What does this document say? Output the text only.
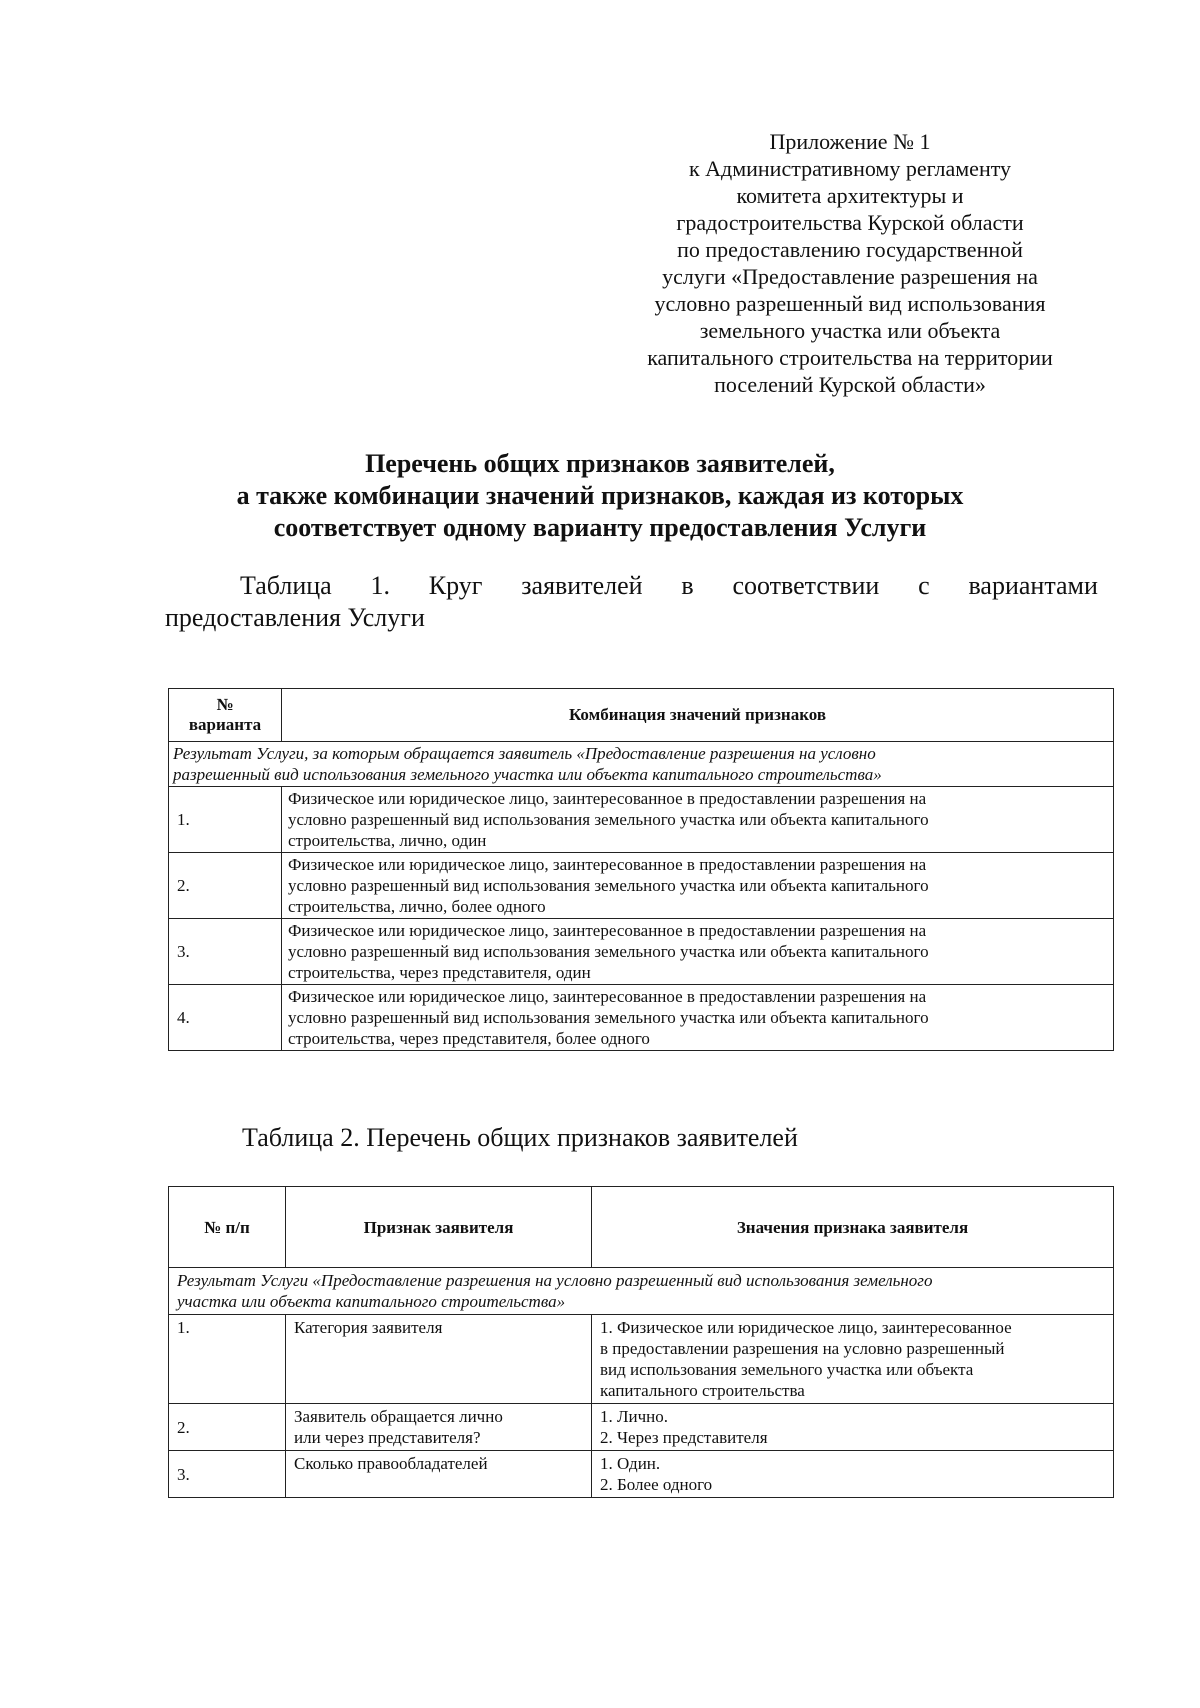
Приложение № 1
к Административному регламенту
комитета архитектуры и
градостроительства Курской области
по предоставлению государственной
услуги «Предоставление разрешения на
условно разрешенный вид использования
земельного участка или объекта
капитального строительства на территории
поселений Курской области»
Перечень общих признаков заявителей,
а также комбинации значений признаков, каждая из которых
соответствует одному варианту предоставления Услуги
Таблица 1. Круг заявителей в соответствии с вариантами
предоставления Услуги
№
варианта	Комбинация значений признаков

Результат Услуги, за которым обращается заявитель «Предоставление разрешения на условно
разрешенный вид использования земельного участка или объекта капитального строительства»	

1.	Физическое или юридическое лицо, заинтересованное в предоставлении разрешения на
условно разрешенный вид использования земельного участка или объекта капитального
строительства, лично, один

2.	Физическое или юридическое лицо, заинтересованное в предоставлении разрешения на
условно разрешенный вид использования земельного участка или объекта капитального
строительства, лично, более одного

3.	Физическое или юридическое лицо, заинтересованное в предоставлении разрешения на
условно разрешенный вид использования земельного участка или объекта капитального
строительства, через представителя, один

4.	Физическое или юридическое лицо, заинтересованное в предоставлении разрешения на
условно разрешенный вид использования земельного участка или объекта капитального
строительства, через представителя, более одного
Таблица 2. Перечень общих признаков заявителей
№ п/п	Признак заявителя	Значения признака заявителя

Результат Услуги «Предоставление разрешения на условно разрешенный вид использования земельного
участка или объекта капитального строительства»		

1.	Категория заявителя	1. Физическое или юридическое лицо, заинтересованное
в предоставлении разрешения на условно разрешенный
вид использования земельного участка или объекта
капитального строительства

2.	Заявитель обращается лично
или через представителя?	1. Лично.
2. Через представителя

3.	Сколько правообладателей	1. Один.
2. Более одного
